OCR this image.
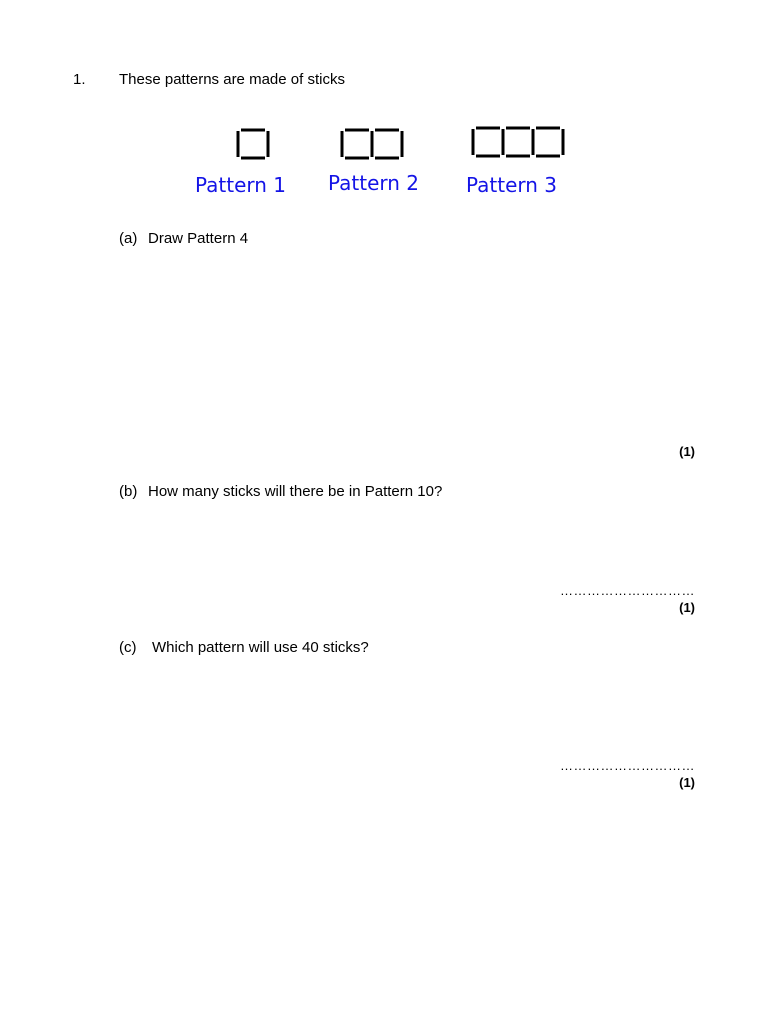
1. These patterns are made of sticks
Pattern 1 Pattern 2 Pattern 3
(a) Draw Pattern 4
(1)
(b) How many sticks will there be in Pattern 10?
…………………………
(1)
(c) Which pattern will use 40 sticks?
…………………………
(1)
